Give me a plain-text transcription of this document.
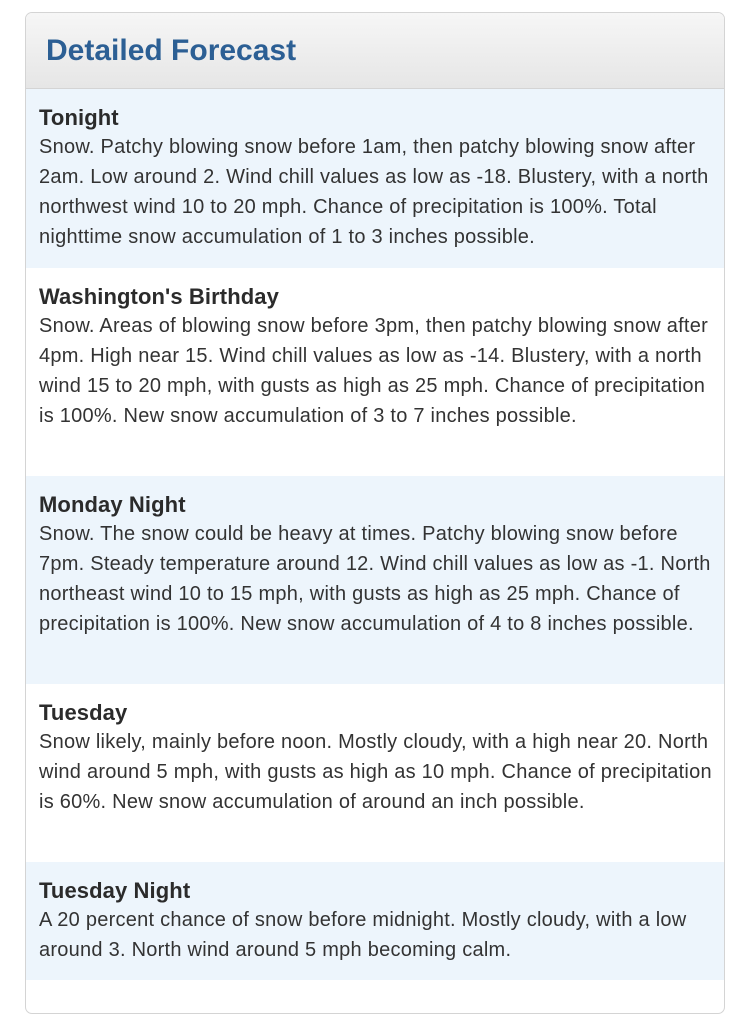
Detailed Forecast
Tonight
Snow. Patchy blowing snow before 1am, then patchy blowing snow after 2am. Low around 2. Wind chill values as low as -18. Blustery, with a north northwest wind 10 to 20 mph. Chance of precipitation is 100%. Total nighttime snow accumulation of 1 to 3 inches possible.
Washington's Birthday
Snow. Areas of blowing snow before 3pm, then patchy blowing snow after 4pm. High near 15. Wind chill values as low as -14. Blustery, with a north wind 15 to 20 mph, with gusts as high as 25 mph. Chance of precipitation is 100%. New snow accumulation of 3 to 7 inches possible.
Monday Night
Snow. The snow could be heavy at times. Patchy blowing snow before 7pm. Steady temperature around 12. Wind chill values as low as -1. North northeast wind 10 to 15 mph, with gusts as high as 25 mph. Chance of precipitation is 100%. New snow accumulation of 4 to 8 inches possible.
Tuesday
Snow likely, mainly before noon. Mostly cloudy, with a high near 20. North wind around 5 mph, with gusts as high as 10 mph. Chance of precipitation is 60%. New snow accumulation of around an inch possible.
Tuesday Night
A 20 percent chance of snow before midnight. Mostly cloudy, with a low around 3. North wind around 5 mph becoming calm.
